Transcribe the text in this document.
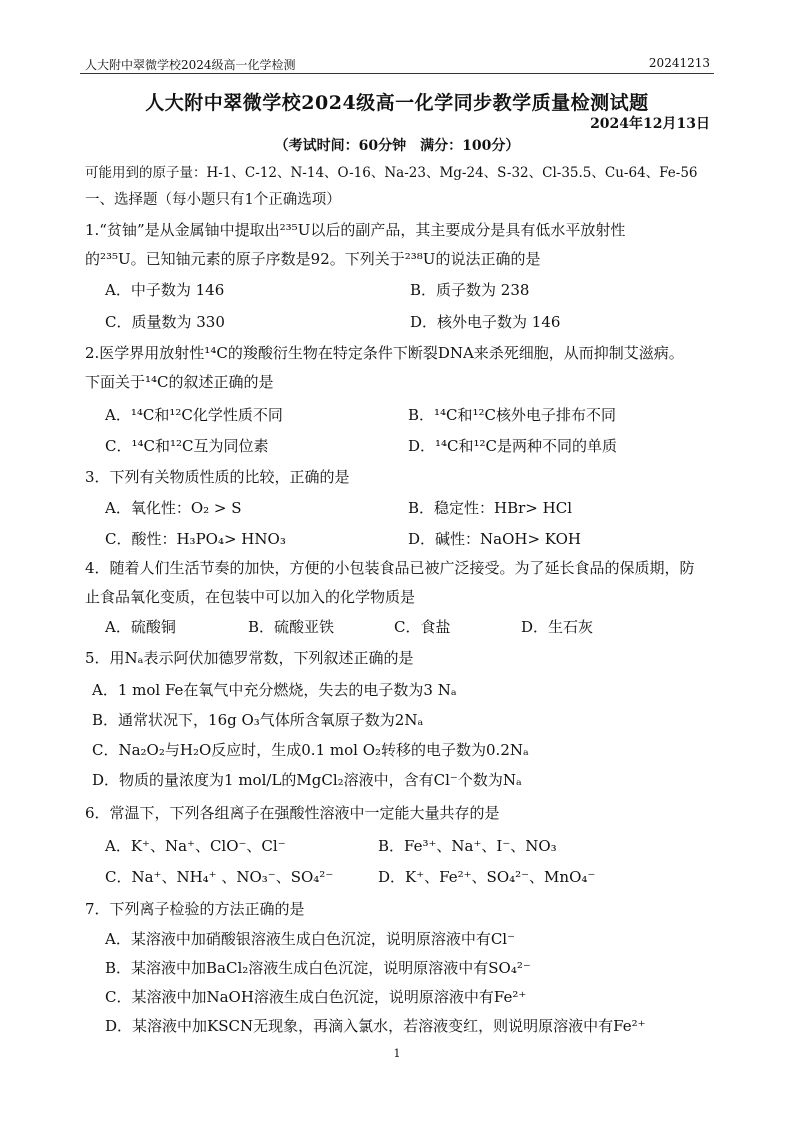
人大附中翠微学校2024级高一化学检测	20241213
人大附中翠微学校2024级高一化学同步教学质量检测试题
2024年12月13日
（考试时间：60分钟　满分：100分）
可能用到的原子量：H-1、C-12、N-14、O-16、Na-23、Mg-24、S-32、Cl-35.5、Cu-64、Fe-56
一、选择题（每小题只有1个正确选项）
1.“贫铀”是从金属铀中提取出²³⁵U以后的副产品，其主要成分是具有低水平放射性
的²³⁵U。已知铀元素的原子序数是92。下列关于²³⁸U的说法正确的是
A．中子数为 146	B．质子数为 238
C．质量数为 330	D．核外电子数为 146
2.医学界用放射性¹⁴C的羧酸衍生物在特定条件下断裂DNA来杀死细胞，从而抑制艾滋病。
下面关于¹⁴C的叙述正确的是
A．¹⁴C和¹²C化学性质不同	B．¹⁴C和¹²C核外电子排布不同
C．¹⁴C和¹²C互为同位素	D．¹⁴C和¹²C是两种不同的单质
3．下列有关物质性质的比较，正确的是
A．氧化性：O₂ > S	B．稳定性：HBr> HCl
C．酸性：H₃PO₄> HNO₃	D．碱性：NaOH> KOH
4．随着人们生活节奏的加快，方便的小包装食品已被广泛接受。为了延长食品的保质期，防
止食品氧化变质，在包装中可以加入的化学物质是
A．硫酸铜	B．硫酸亚铁	C．食盐	D．生石灰
5．用Nₐ表示阿伏加德罗常数，下列叙述正确的是
A．1 mol Fe在氧气中充分燃烧，失去的电子数为3 Nₐ
B．通常状况下，16g O₃气体所含氧原子数为2Nₐ
C．Na₂O₂与H₂O反应时，生成0.1 mol O₂转移的电子数为0.2Nₐ
D．物质的量浓度为1 mol/L的MgCl₂溶液中，含有Cl⁻个数为Nₐ
6．常温下，下列各组离子在强酸性溶液中一定能大量共存的是
A．K⁺、Na⁺、ClO⁻、Cl⁻	B．Fe³⁺、Na⁺、I⁻、NO₃
C．Na⁺、NH₄⁺ 、NO₃⁻、SO₄²⁻	D．K⁺、Fe²⁺、SO₄²⁻、MnO₄⁻
7．下列离子检验的方法正确的是
A．某溶液中加硝酸银溶液生成白色沉淀，说明原溶液中有Cl⁻
B．某溶液中加BaCl₂溶液生成白色沉淀，说明原溶液中有SO₄²⁻
C．某溶液中加NaOH溶液生成白色沉淀，说明原溶液中有Fe²⁺
D．某溶液中加KSCN无现象，再滴入氯水，若溶液变红，则说明原溶液中有Fe²⁺
1
